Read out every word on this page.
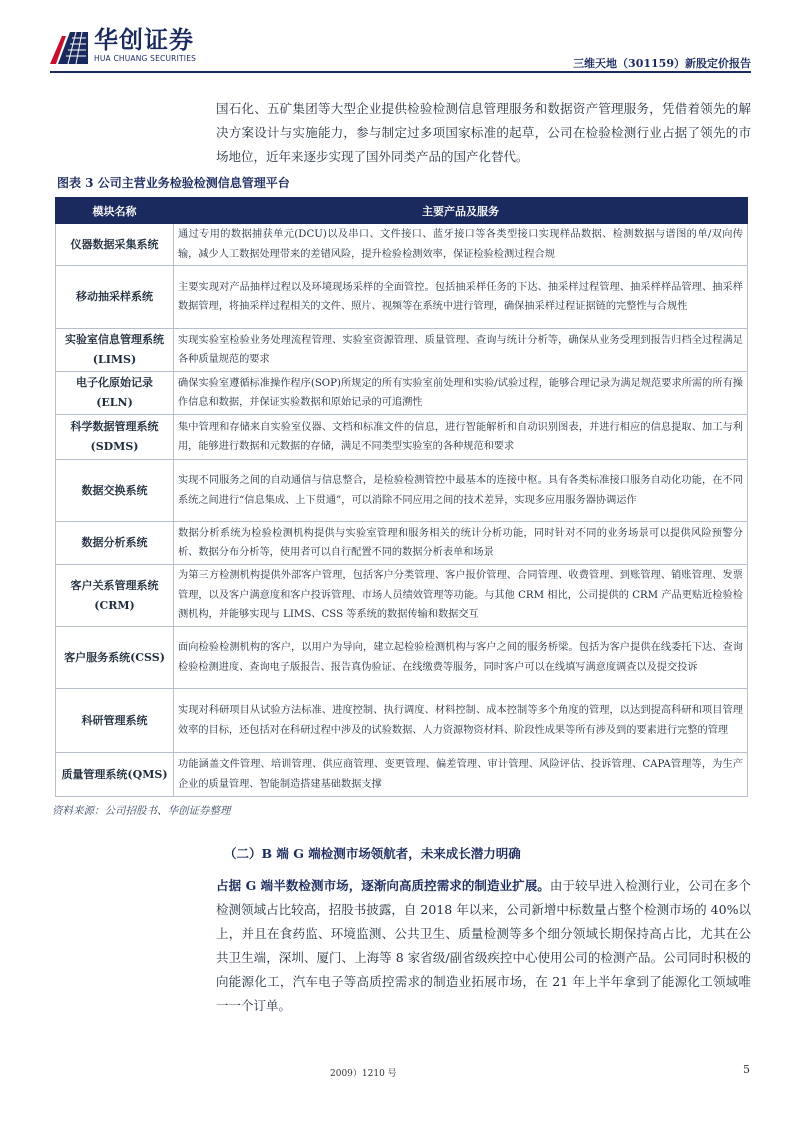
华创证券
HUA CHUANG SECURITIES	三维天地（301159）新股定价报告

国石化、五矿集团等大型企业提供检验检测信息管理服务和数据资产管理服务，凭借着领先的解决方案设计与实施能力，参与制定过多项国家标准的起草，公司在检验检测行业占据了领先的市场地位，近年来逐步实现了国外同类产品的国产化替代。

图表 3 公司主营业务检验检测信息管理平台
模块名称	主要产品及服务
仪器数据采集系统	通过专用的数据捕获单元(DCU)以及串口、文件接口、蓝牙接口等各类型接口实现样品数据、检测数据与谱图的单/双向传输，减少人工数据处理带来的差错风险，提升检验检测效率，保证检验检测过程合规
移动抽采样系统	主要实现对产品抽样过程以及环境现场采样的全面管控。包括抽采样任务的下达、抽采样过程管理、抽采样样品管理、抽采样数据管理，将抽采样过程相关的文件、照片、视频等在系统中进行管理，确保抽采样过程证据链的完整性与合规性
实验室信息管理系统(LIMS)	实现实验室检验业务处理流程管理、实验室资源管理、质量管理、查询与统计分析等，确保从业务受理到报告归档全过程满足各种质量规范的要求
电子化原始记录(ELN)	确保实验室遵循标准操作程序(SOP)所规定的所有实验室前处理和实验/试验过程，能够合理记录为满足规范要求所需的所有操作信息和数据，并保证实验数据和原始记录的可追溯性
科学数据管理系统(SDMS)	集中管理和存储来自实验室仪器、文档和标准文件的信息，进行智能解析和自动识别图表，并进行相应的信息提取、加工与利用，能够进行数据和元数据的存储，满足不同类型实验室的各种规范和要求
数据交换系统	实现不同服务之间的自动通信与信息整合，是检验检测管控中最基本的连接中枢。具有各类标准接口服务自动化功能，在不同系统之间进行“信息集成、上下贯通”，可以消除不同应用之间的技术差异，实现多应用服务器协调运作
数据分析系统	数据分析系统为检验检测机构提供与实验室管理和服务相关的统计分析功能，同时针对不同的业务场景可以提供风险预警分析、数据分布分析等，使用者可以自行配置不同的数据分析表单和场景
客户关系管理系统(CRM)	为第三方检测机构提供外部客户管理，包括客户分类管理、客户报价管理、合同管理、收费管理、到账管理、销账管理、发票管理，以及客户满意度和客户投诉管理、市场人员绩效管理等功能。与其他 CRM 相比，公司提供的 CRM 产品更贴近检验检测机构，并能够实现与 LIMS、CSS 等系统的数据传输和数据交互
客户服务系统(CSS)	面向检验检测机构的客户，以用户为导向，建立起检验检测机构与客户之间的服务桥梁。包括为客户提供在线委托下达、查询检验检测进度、查询电子版报告、报告真伪验证、在线缴费等服务，同时客户可以在线填写满意度调查以及提交投诉
科研管理系统	实现对科研项目从试验方法标准、进度控制、执行调度、材料控制、成本控制等多个角度的管理，以达到提高科研和项目管理效率的目标，还包括对在科研过程中涉及的试验数据、人力资源物资材料、阶段性成果等所有涉及到的要素进行完整的管理
质量管理系统(QMS)	功能涵盖文件管理、培训管理、供应商管理、变更管理、偏差管理、审计管理、风险评估、投诉管理、CAPA管理等，为生产企业的质量管理、智能制造搭建基础数据支撑
资料来源：公司招股书、华创证券整理
（二）B 端 G 端检测市场领航者，未来成长潜力明确

占据 G 端半数检测市场，逐渐向高质控需求的制造业扩展。由于较早进入检测行业，公司在多个检测领域占比较高，招股书披露，自 2018 年以来，公司新增中标数量占整个检测市场的 40%以上，并且在食药监、环境监测、公共卫生、质量检测等多个细分领域长期保持高占比，尤其在公共卫生端，深圳、厦门、上海等 8 家省级/副省级疾控中心使用公司的检测产品。公司同时积极的向能源化工，汽车电子等高质控需求的制造业拓展市场，在 21 年上半年拿到了能源化工领域唯一一个订单。

2009）1210 号	5
